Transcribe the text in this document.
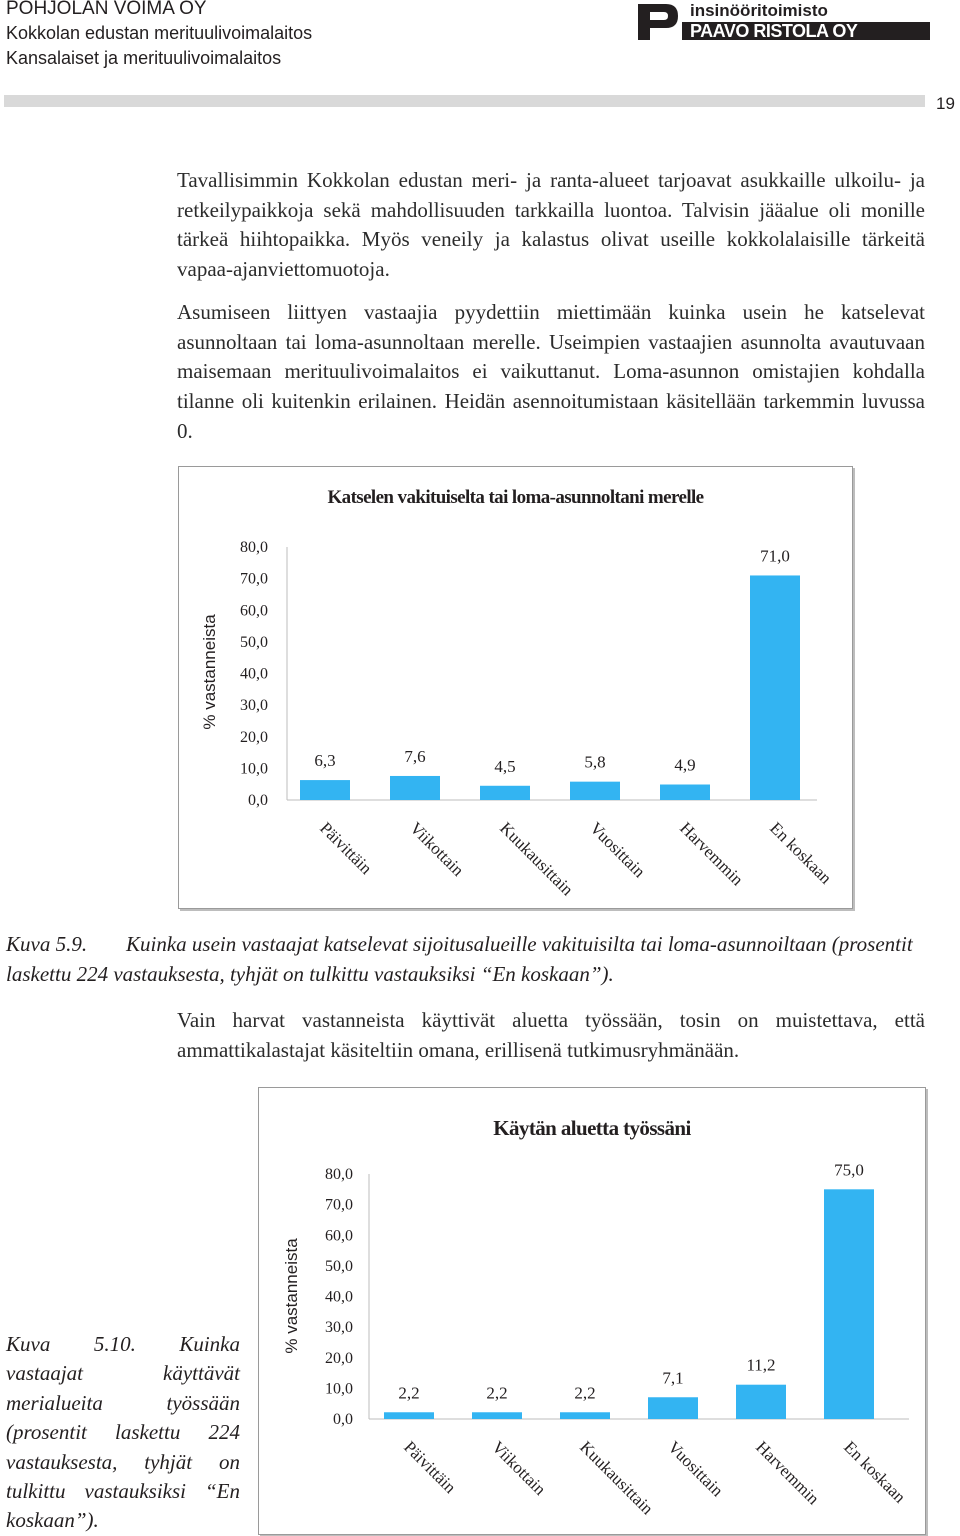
POHJOLAN VOIMA OY
Kokkolan edustan merituulivoimalaitos
Kansalaiset ja merituulivoimalaitos
insinööritoimisto
PAAVO RISTOLA OY
19
Tavallisimmin Kokkolan edustan meri- ja ranta-alueet tarjoavat asukkaille ulkoilu- ja retkeilypaikkoja sekä mahdollisuuden tarkkailla luontoa. Talvisin jääalue oli monille tärkeä hiihtopaikka. Myös veneily ja kalastus olivat useille kokkolalaisille tärkeitä vapaa-ajanviettomuotoja.
Asumiseen liittyen vastaajia pyydettiin miettimään kuinka usein he katselevat asunnoltaan tai loma-asunnoltaan merelle. Useimpien vastaajien asunnolta avautuvaan maisemaan merituulivoimalaitos ei vaikuttanut. Loma-asunnon omistajien kohdalla tilanne oli kuitenkin erilainen. Heidän asennoitumistaan käsitellään tarkemmin luvussa 0.
Katselen vakituiselta tai loma-asunnoltani merelle
0,0
10,0
20,0
30,0
40,0
50,0
60,0
70,0
80,0
% vastanneista
6,3
Päivittäin
7,6
Viikottain
4,5
Kuukausittain
5,8
Vuosittain
4,9
Harvemmin
71,0
En koskaan
Kuva 5.9. Kuinka usein vastaajat katselevat sijoitusalueille vakituisilta tai loma-asunnoiltaan (prosentit laskettu 224 vastauksesta, tyhjät on tulkittu vastauksiksi “En koskaan”).
Vain harvat vastanneista käyttivät aluetta työssään, tosin on muistettava, että ammattikalastajat käsiteltiin omana, erillisenä tutkimusryhmänään.
Käytän aluetta työssäni
0,0
10,0
20,0
30,0
40,0
50,0
60,0
70,0
80,0
% vastanneista
2,2
Päivittäin
2,2
Viikottain
2,2
Kuukausittain
7,1
Vuosittain
11,2
Harvemmin
75,0
En koskaan
Kuva 5.10. Kuinka vastaajat käyttävät merialueita työssään (prosentit laskettu 224 vastauksesta, tyhjät on tulkittu vastauksiksi “En koskaan”).
